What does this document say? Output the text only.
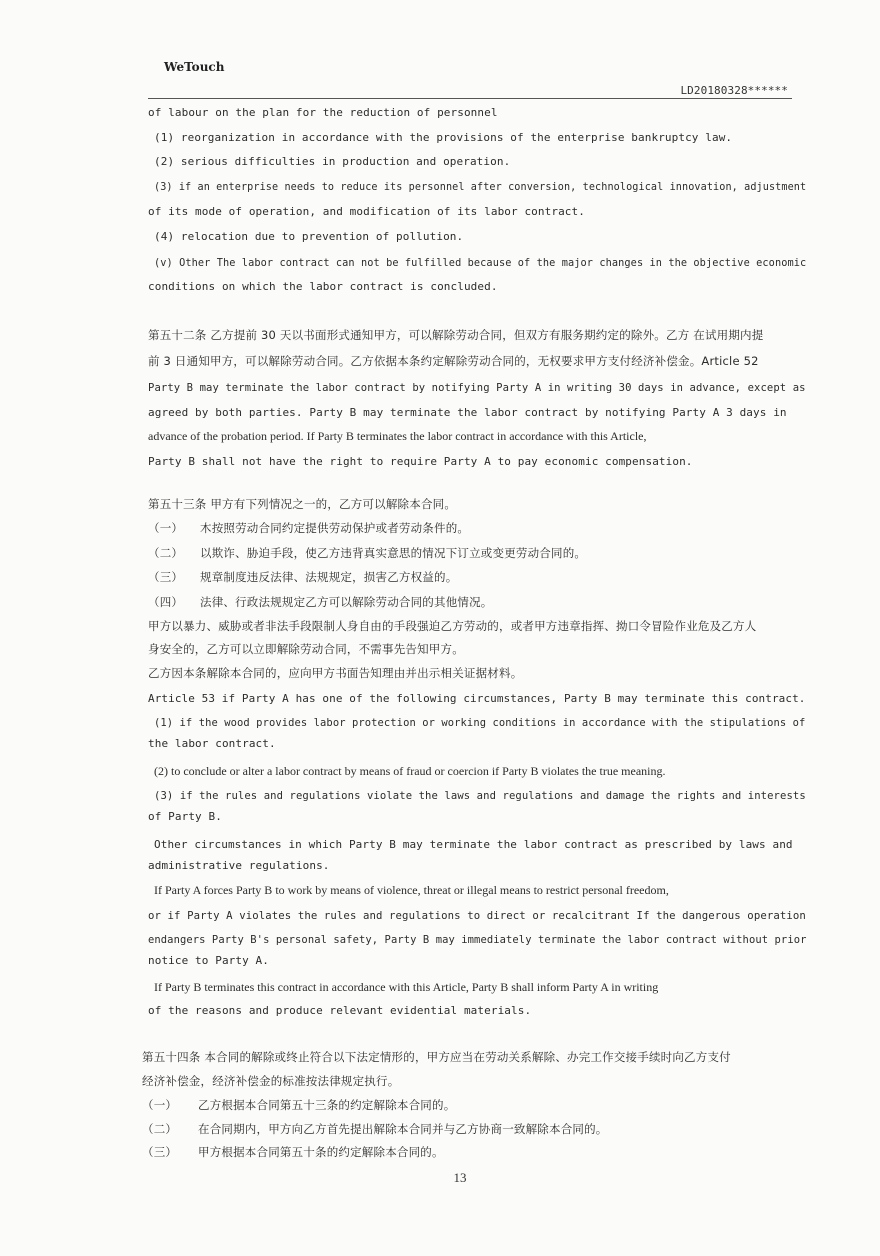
WeTouch
LD20180328******
of labour on the plan for the reduction of personnel
(1) reorganization in accordance with the provisions of the enterprise bankruptcy law.
(2) serious difficulties in production and operation.
(3) if an enterprise needs to reduce its personnel after conversion, technological innovation, adjustment
of its mode of operation, and modification of its labor contract.
(4) relocation due to prevention of pollution.
(v) Other The labor contract can not be fulfilled because of the major changes in the objective economic
conditions on which the labor contract is concluded.
第五十二条 乙方提前 30 天以书面形式通知甲方，可以解除劳动合同，但双方有服务期约定的除外。乙方 在试用期内提
前 3 日通知甲方，可以解除劳动合同。乙方依据本条约定解除劳动合同的，无权要求甲方支付经济补偿金。Article 52
Party B may terminate the labor contract by notifying Party A in writing 30 days in advance, except as
agreed by both parties. Party B may terminate the labor contract by notifying Party A 3 days in
advance of the probation period. If Party B terminates the labor contract in accordance with this Article,
Party B shall not have the right to require Party A to pay economic compensation.
第五十三条 甲方有下列情况之一的，乙方可以解除本合同。
（一） 木按照劳动合同约定提供劳动保护或者劳动条件的。
（二） 以欺诈、胁迫手段，使乙方违背真实意思的情况下订立或变更劳动合同的。
（三） 规章制度违反法律、法规规定，损害乙方权益的。
（四） 法律、行政法规规定乙方可以解除劳动合同的其他情况。
甲方以暴力、威胁或者非法手段限制人身自由的手段强迫乙方劳动的，或者甲方违章指挥、拗口令冒险作业危及乙方人
身安全的，乙方可以立即解除劳动合同，不需事先告知甲方。
乙方因本条解除本合同的，应向甲方书面告知理由并出示相关证据材料。
Article 53 if Party A has one of the following circumstances, Party B may terminate this contract.
(1) if the wood provides labor protection or working conditions in accordance with the stipulations of
the labor contract.
(2) to conclude or alter a labor contract by means of fraud or coercion if Party B violates the true meaning.
(3) if the rules and regulations violate the laws and regulations and damage the rights and interests
of Party B.
Other circumstances in which Party B may terminate the labor contract as prescribed by laws and
administrative regulations.
If Party A forces Party B to work by means of violence, threat or illegal means to restrict personal freedom,
or if Party A violates the rules and regulations to direct or recalcitrant If the dangerous operation
endangers Party B's personal safety, Party B may immediately terminate the labor contract without prior
notice to Party A.
If Party B terminates this contract in accordance with this Article, Party B shall inform Party A in writing
of the reasons and produce relevant evidential materials.
第五十四条 本合同的解除或终止符合以下法定情形的，甲方应当在劳动关系解除、办完工作交接手续时向乙方支付
经济补偿金，经济补偿金的标准按法律规定执行。
（一） 乙方根据本合同第五十三条的约定解除本合同的。
（二） 在合同期内，甲方向乙方首先提出解除本合同并与乙方协商一致解除本合同的。
（三） 甲方根据本合同第五十条的约定解除本合同的。
13
